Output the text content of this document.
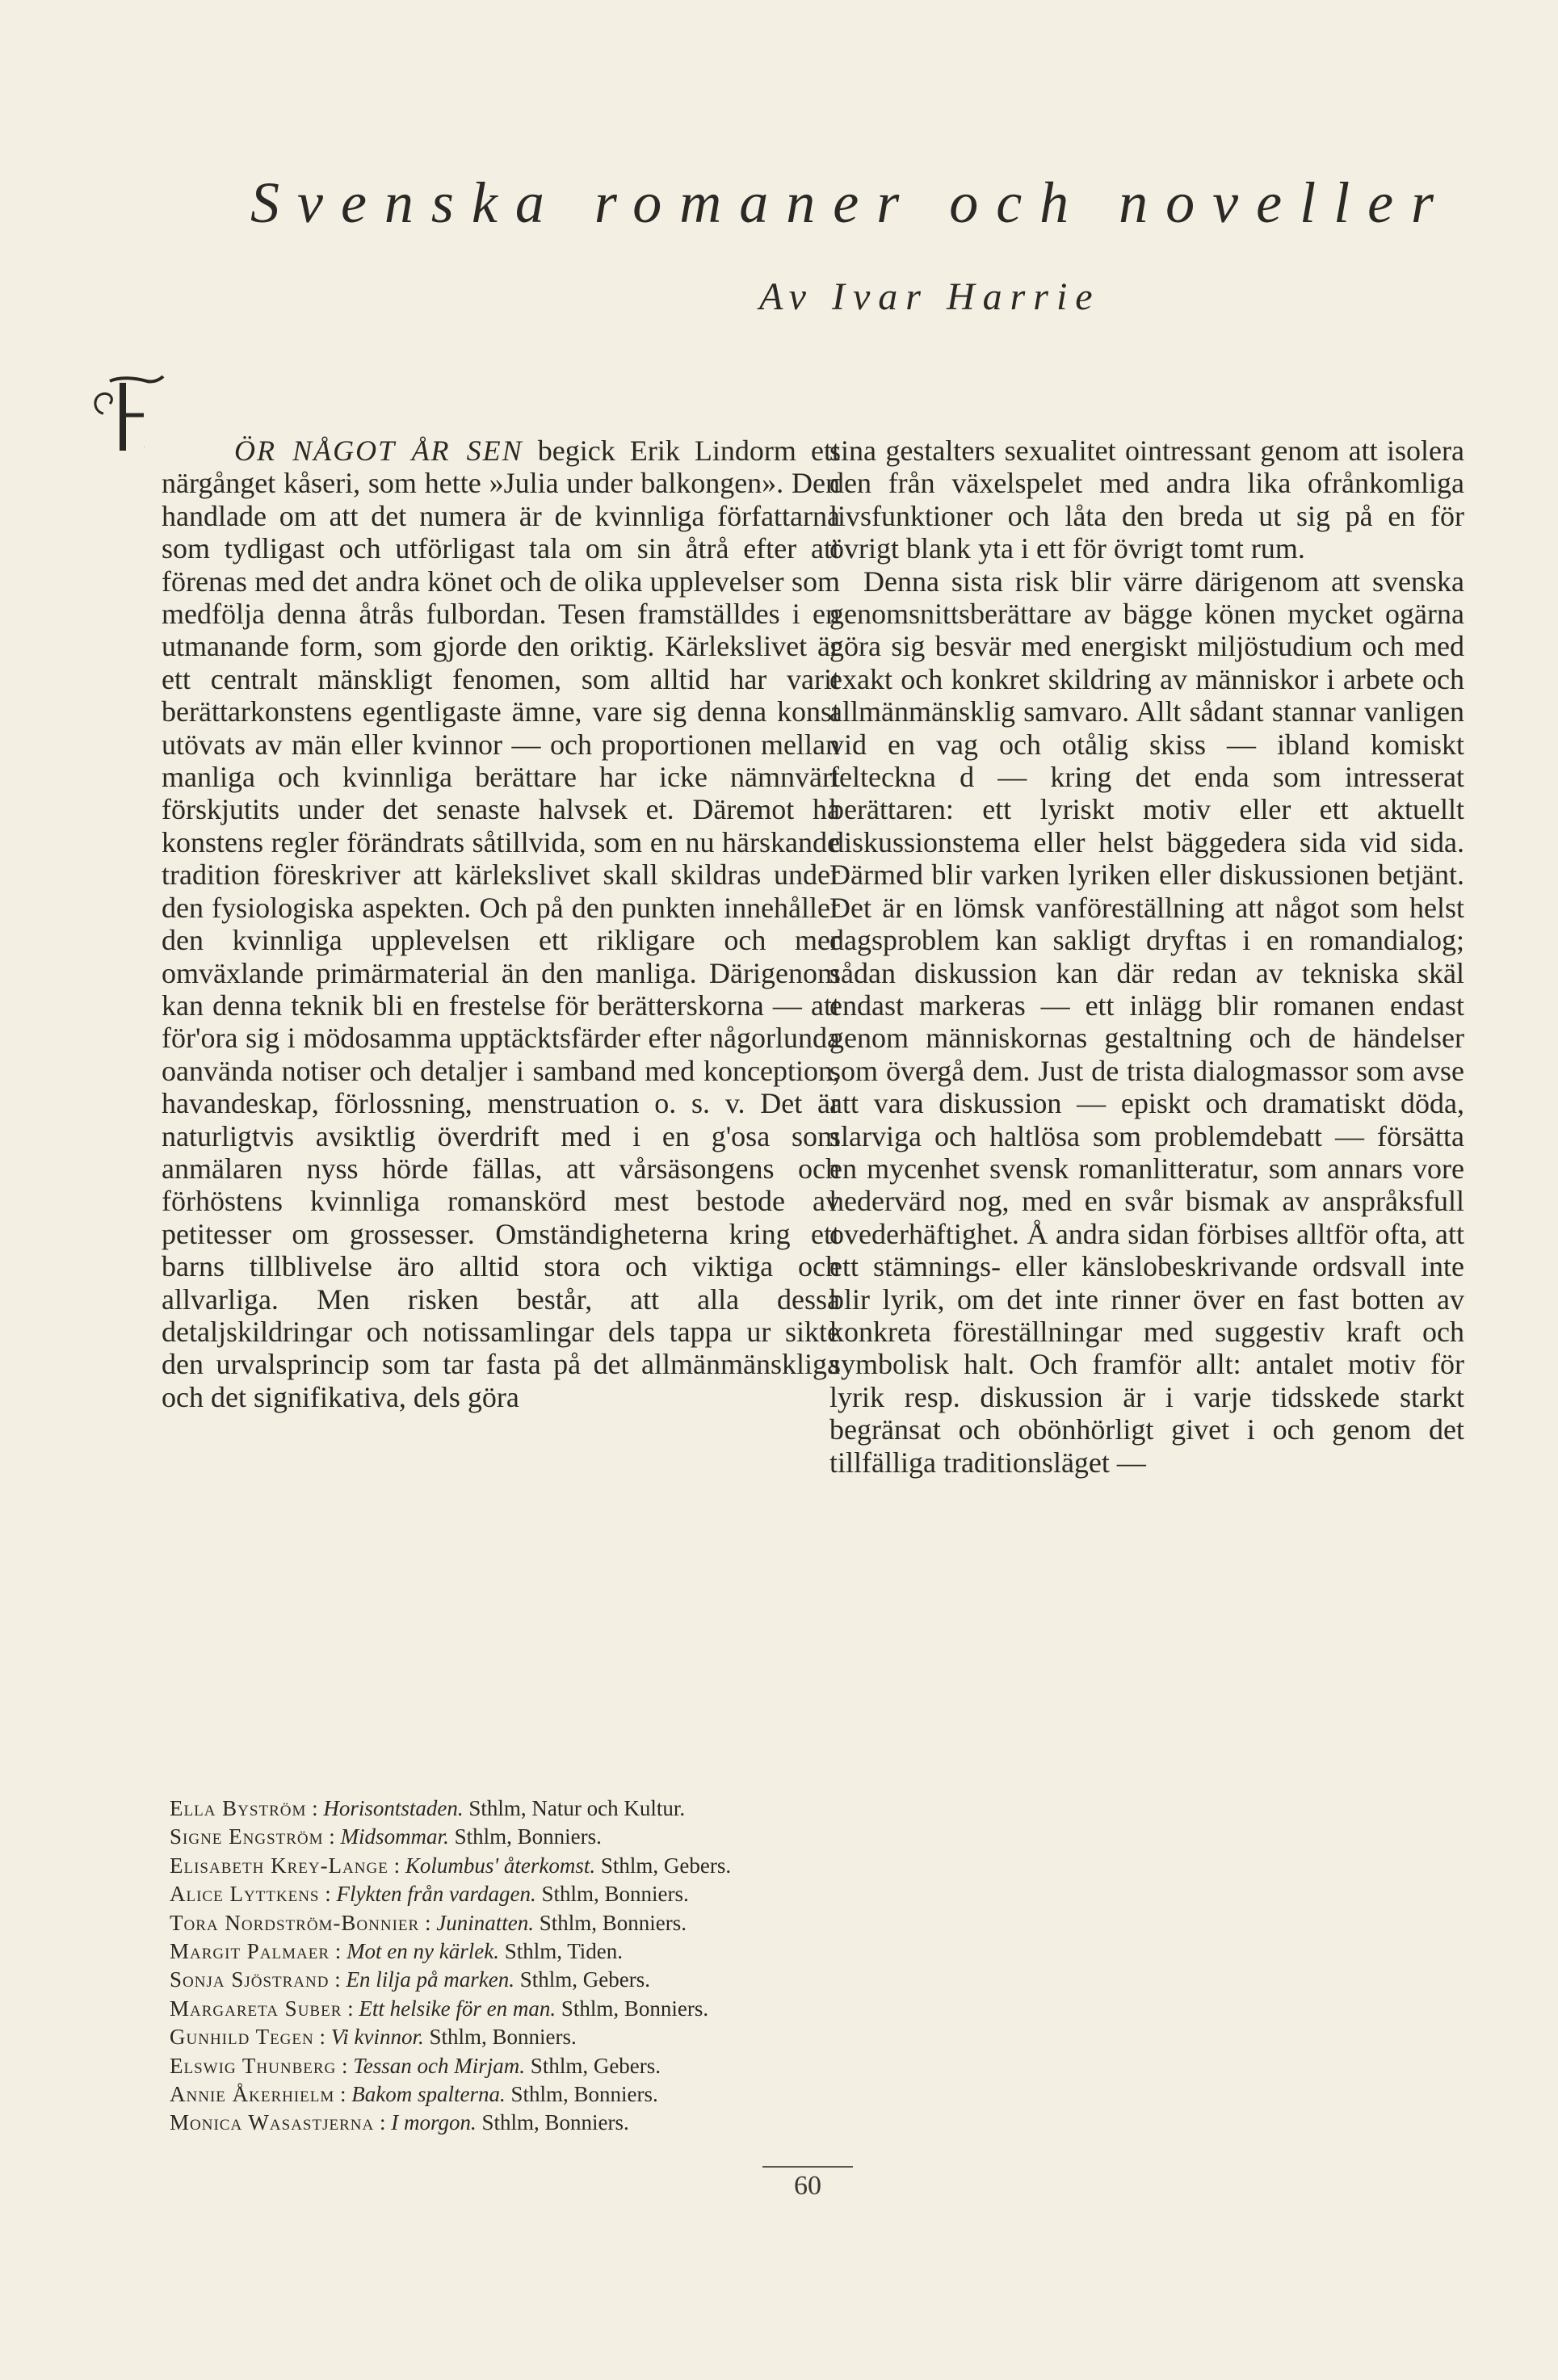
Svenska romaner och noveller
Av Ivar Harrie
F	ÖR NÅGOT ÅR SEN begick Erik Lindorm ett närgånget kåseri, som hette »Julia under balkongen». Den handlade om att det numera är de kvinnliga författarna som tydligast och utförligast tala om sin åtrå efter att förenas med det andra könet och de olika upplevelser som medfölja denna åtrås fulbordan. Tesen framställdes i en utmanande form, som gjorde den oriktig. Kärlekslivet är ett centralt mänskligt fenomen, som alltid har varit berättarkonstens egentligaste ämne, vare sig denna konst utövats av män eller kvinnor — och proportionen mellan manliga och kvinnliga berättare har icke nämnvärt förskjutits under det senaste halvsek et. Däremot ha konstens regler förändrats såtillvida, som en nu härskande tradition föreskriver att kärlekslivet skall skildras under den fysiologiska aspekten. Och på den punkten innehåller den kvinnliga upplevelsen ett rikligare och mer omväxlande primärmaterial än den manliga. Därigenom kan denna teknik bli en frestelse för berätterskorna — att för'ora sig i mödosamma upptäcktsfärder efter någorlunda oanvända notiser och detaljer i samband med konception, havandeskap, förlossning, menstruation o. s. v. Det är naturligtvis avsiktlig överdrift med i en g'osa som anmälaren nyss hörde fällas, att vårsäsongens och förhöstens kvinnliga romanskörd mest bestode av petitesser om grossesser. Omständigheterna kring ett barns tillblivelse äro alltid stora och viktiga och allvarliga. Men risken består, att alla dessa detaljskildringar och notissamlingar dels tappa ur sikte den urvalsprincip som tar fasta på det allmänmänskliga och det signifikativa, dels göra

sina gestalters sexualitet ointressant genom att isolera den från växelspelet med andra lika ofrånkomliga livsfunktioner och låta den breda ut sig på en för övrigt blank yta i ett för övrigt tomt rum.

Denna sista risk blir värre därigenom att svenska genomsnittsberättare av bägge könen mycket ogärna göra sig besvär med energiskt miljöstudium och med exakt och konkret skildring av människor i arbete och allmänmänsklig samvaro. Allt sådant stannar vanligen vid en vag och otålig skiss — ibland komiskt felteckna d — kring det enda som intresserat berättaren: ett lyriskt motiv eller ett aktuellt diskussionstema eller helst bäggedera sida vid sida. Därmed blir varken lyriken eller diskussionen betjänt. Det är en lömsk vanföreställning att något som helst dagsproblem kan sakligt dryftas i en romandialog; sådan diskussion kan där redan av tekniska skäl endast markeras — ett inlägg blir romanen endast genom människornas gestaltning och de händelser som övergå dem. Just de trista dialogmassor som avse att vara diskussion — episkt och dramatiskt döda, slarviga och haltlösa som problemdebatt — försätta en mycenhet svensk romanlitteratur, som annars vore hedervärd nog, med en svår bismak av anspråksfull ovederhäftighet. Å andra sidan förbises alltför ofta, att ett stämnings- eller känslobeskrivande ordsvall inte blir lyrik, om det inte rinner över en fast botten av konkreta föreställningar med suggestiv kraft och symbolisk halt. Och framför allt: antalet motiv för lyrik resp. diskussion är i varje tidsskede starkt begränsat och obönhörligt givet i och genom det tillfälliga traditionsläget —

Ella Byström : Horisontstaden. Sthlm, Natur och Kultur.
Signe Engström : Midsommar. Sthlm, Bonniers.
Elisabeth Krey-Lange : Kolumbus' återkomst. Sthlm, Gebers.
Alice Lyttkens : Flykten från vardagen. Sthlm, Bonniers.
Tora Nordström-Bonnier : Juninatten. Sthlm, Bonniers.
Margit Palmaer : Mot en ny kärlek. Sthlm, Tiden.
Sonja Sjöstrand : En lilja på marken. Sthlm, Gebers.
Margareta Suber : Ett helsike för en man. Sthlm, Bonniers.
Gunhild Tegen : Vi kvinnor. Sthlm, Bonniers.
Elswig Thunberg : Tessan och Mirjam. Sthlm, Gebers.
Annie Åkerhielm : Bakom spalterna. Sthlm, Bonniers.
Monica Wasastjerna : I morgon. Sthlm, Bonniers.
60
